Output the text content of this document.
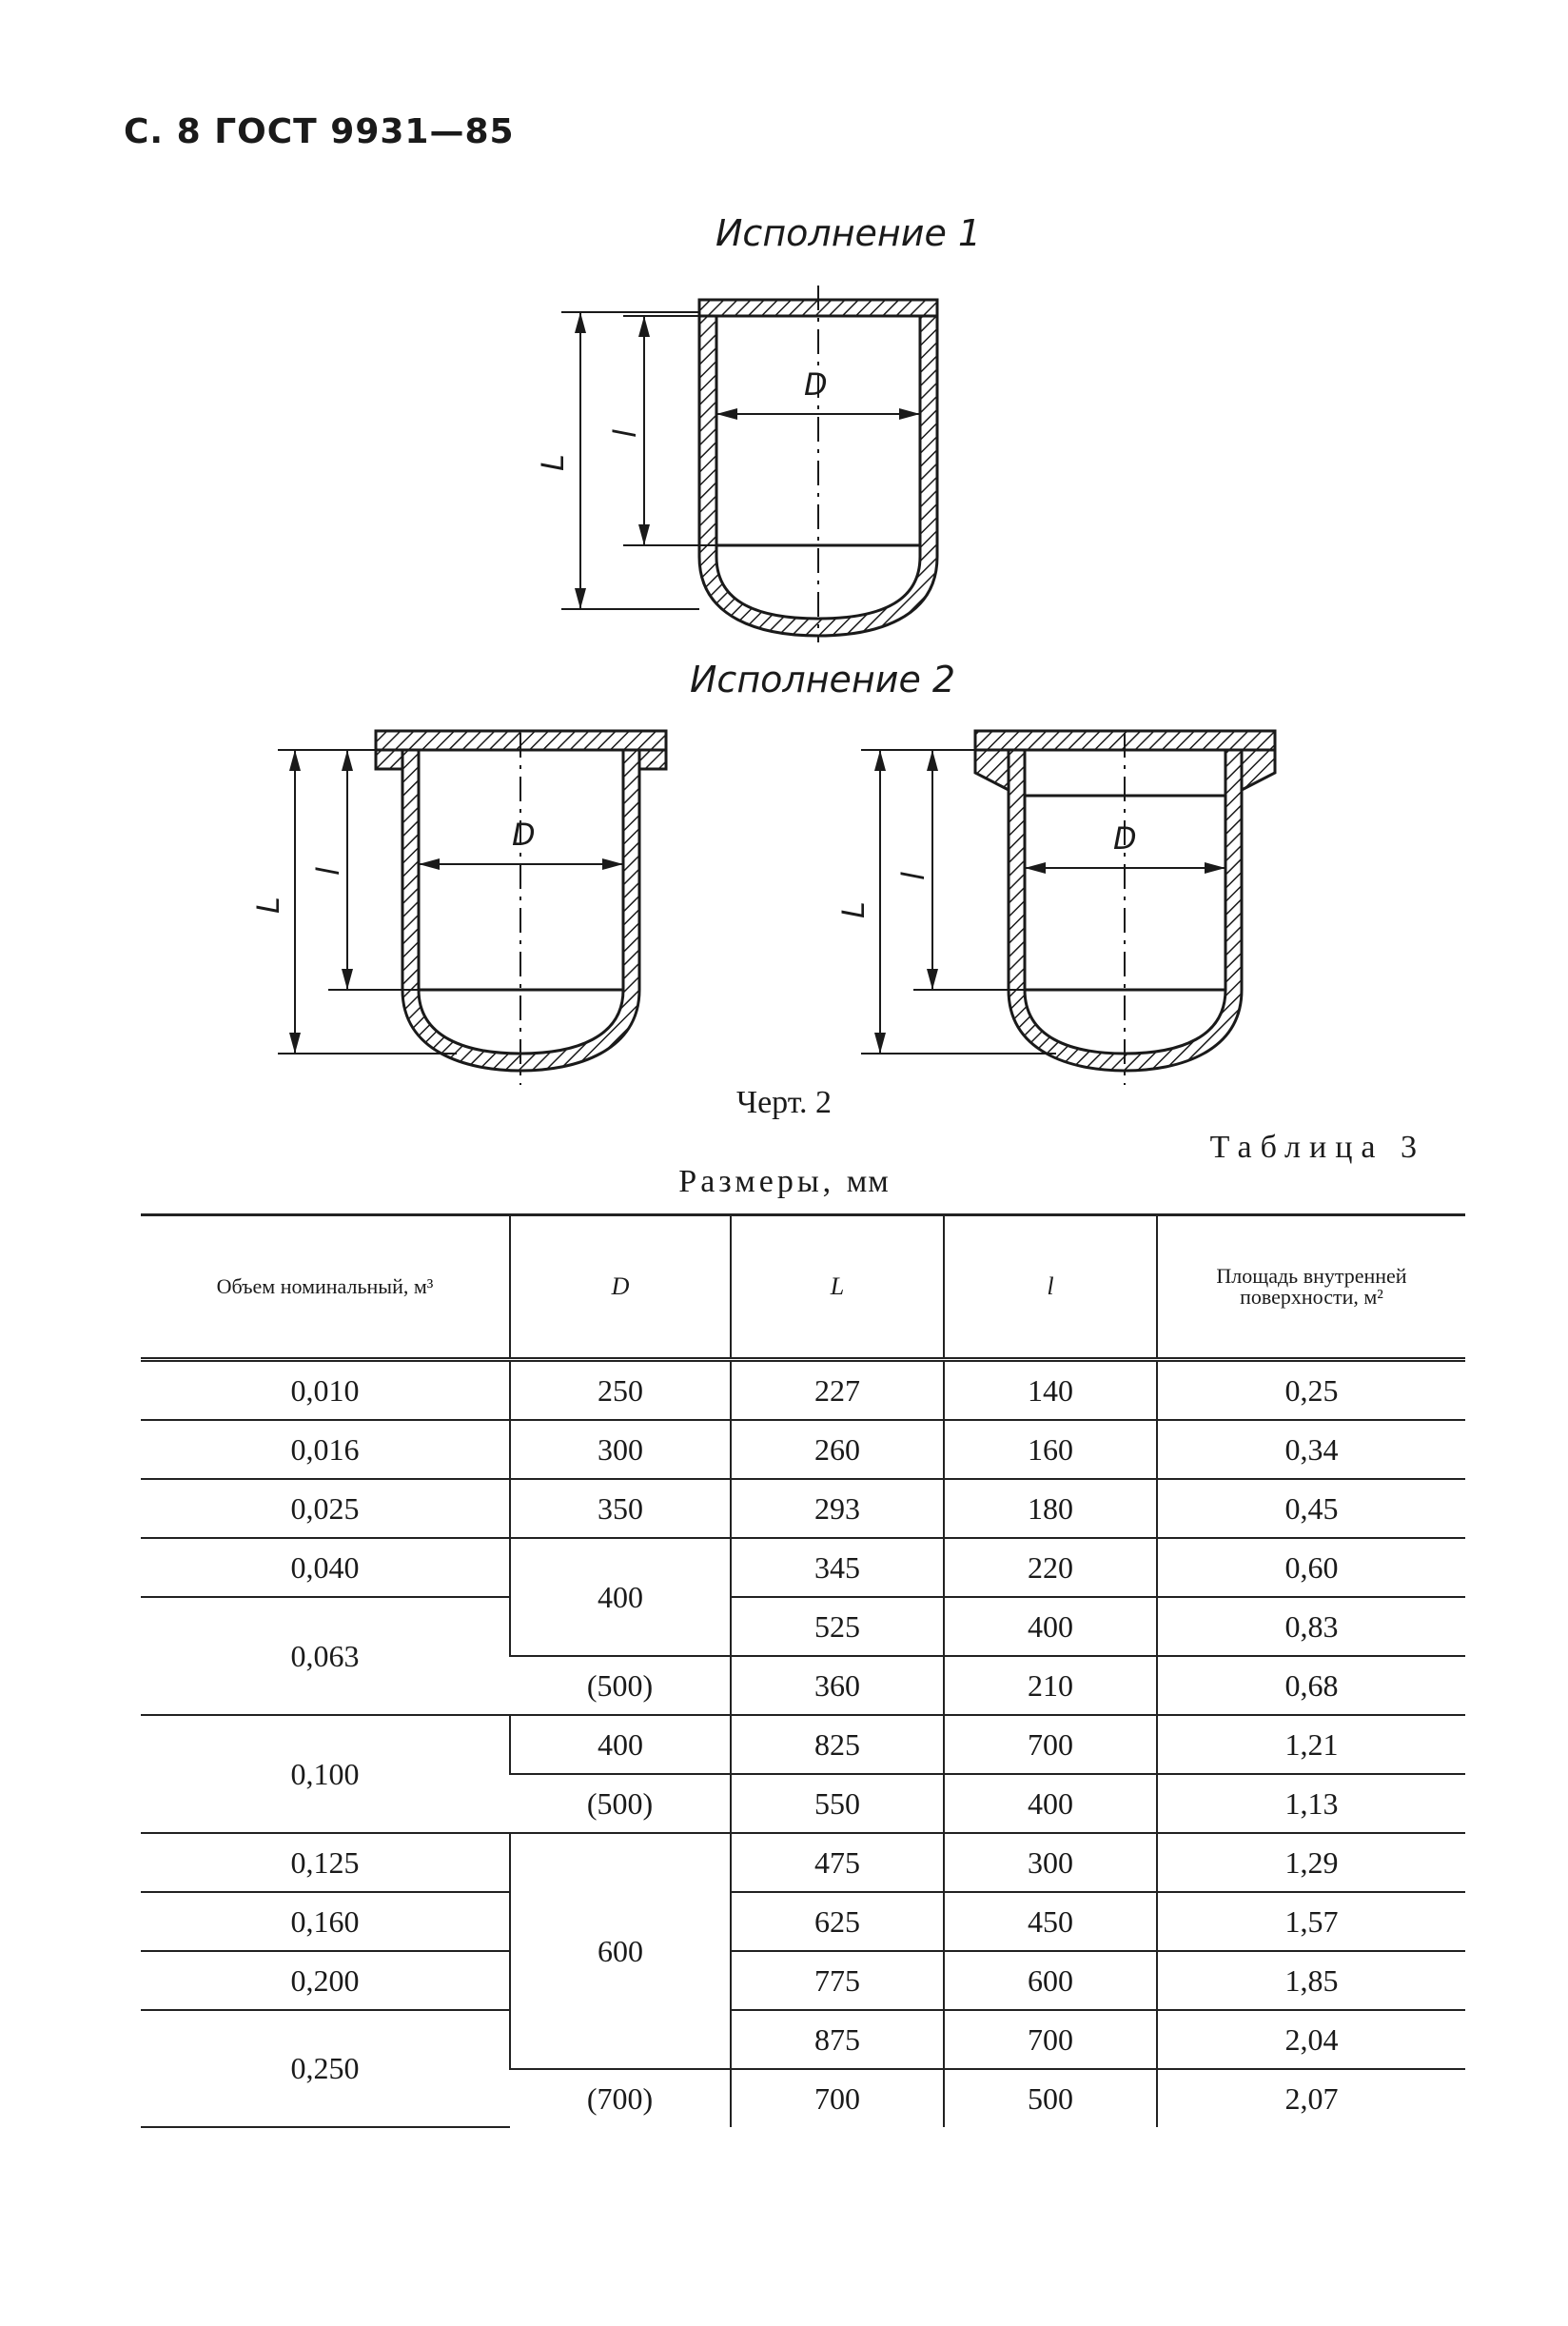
С. 8 ГОСТ 9931—85
Исполнение 1
D
L
l
Исполнение 2
D
L
l
D
L
l
Черт. 2
Таблица 3
Размеры, мм
Объем номинальный, м³	D	L	l	Площадь внутренней поверхности, м²
0,010	250	227	140	0,25
0,016	300	260	160	0,34
0,025	350	293	180	0,45
0,040	400	345	220	0,60
0,063		525	400	0,83
	(500)	360	210	0,68
0,100	400	825	700	1,21
	(500)	550	400	1,13
0,125	600	475	300	1,29
0,160		625	450	1,57
0,200		775	600	1,85
0,250		875	700	2,04
	(700)	700	500	2,07
